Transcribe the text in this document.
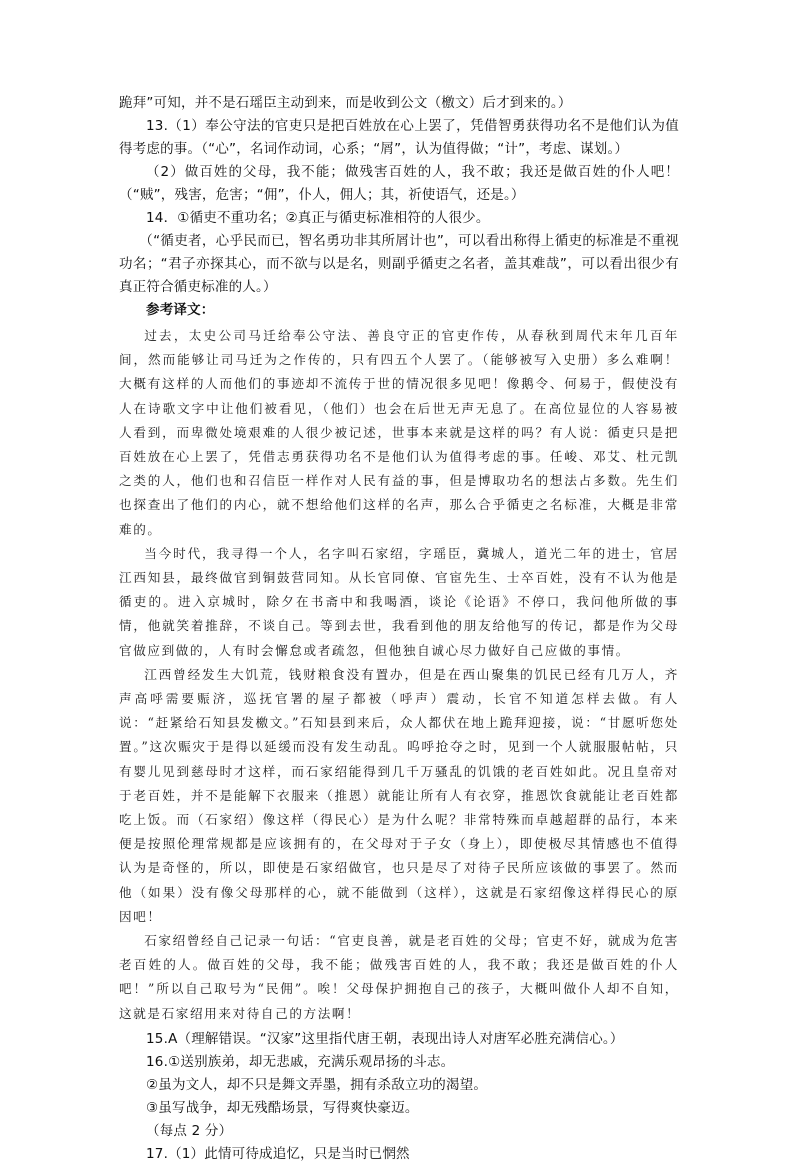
跪拜”可知，并不是石瑶臣主动到来，而是收到公文（檄文）后才到来的。）

13.（1）奉公守法的官吏只是把百姓放在心上罢了，凭借智勇获得功名不是他们认为值得考虑的事。（“心”，名词作动词，心系；“屑”，认为值得做；“计”，考虑、谋划。）

（2）做百姓的父母，我不能；做残害百姓的人，我不敢；我还是做百姓的仆人吧！（“贼”，残害，危害；“佣”，仆人，佣人；其，祈使语气，还是。）

14．①循吏不重功名；②真正与循吏标准相符的人很少。

（“循吏者，心乎民而已，智名勇功非其所屑计也”，可以看出称得上循吏的标准是不重视功名；“君子亦探其心，而不欲与以是名，则副乎循吏之名者，盖其难哉”，可以看出很少有真正符合循吏标准的人。）

参考译文：

过去，太史公司马迁给奉公守法、善良守正的官吏作传，从春秋到周代末年几百年间，然而能够让司马迁为之作传的，只有四五个人罢了。（能够被写入史册）多么难啊！大概有这样的人而他们的事迹却不流传于世的情况很多见吧！像鹅令、何易于，假使没有人在诗歌文字中让他们被看见，（他们）也会在后世无声无息了。在高位显位的人容易被人看到，而卑微处境艰难的人很少被记述，世事本来就是这样的吗？有人说：循吏只是把百姓放在心上罢了，凭借志勇获得功名不是他们认为值得考虑的事。任峻、邓艾、杜元凯之类的人，他们也和召信臣一样作对人民有益的事，但是博取功名的想法占多数。先生们也探查出了他们的内心，就不想给他们这样的名声，那么合乎循吏之名标准，大概是非常难的。

当今时代，我寻得一个人，名字叫石家绍，字瑶臣，冀城人，道光二年的进士，官居江西知县，最终做官到铜鼓营同知。从长官同僚、官宦先生、士卒百姓，没有不认为他是循吏的。进入京城时，除夕在书斋中和我喝酒，谈论《论语》不停口，我问他所做的事情，他就笑着推辞，不谈自己。等到去世，我看到他的朋友给他写的传记，都是作为父母官做应到做的，人有时会懈怠或者疏忽，但他独自诚心尽力做好自己应做的事情。

江西曾经发生大饥荒，钱财粮食没有置办，但是在西山聚集的饥民已经有几万人，齐声高呼需要赈济，巡抚官署的屋子都被（呼声）震动，长官不知道怎样去做。有人说：“赶紧给石知县发檄文。”石知县到来后，众人都伏在地上跪拜迎接，说：“甘愿听您处置。”这次赈灾于是得以延缓而没有发生动乱。呜呼抢夺之时，见到一个人就服服帖帖，只有婴儿见到慈母时才这样，而石家绍能得到几千万骚乱的饥饿的老百姓如此。况且皇帝对于老百姓，并不是能解下衣服来（推恩）就能让所有人有衣穿，推恩饮食就能让老百姓都吃上饭。而（石家绍）像这样（得民心）是为什么呢？非常特殊而卓越超群的品行，本来便是按照伦理常规都是应该拥有的，在父母对于子女（身上），即使极尽其情感也不值得认为是奇怪的，所以，即使是石家绍做官，也只是尽了对待子民所应该做的事罢了。然而他（如果）没有像父母那样的心，就不能做到（这样），这就是石家绍像这样得民心的原因吧！

石家绍曾经自己记录一句话：“官吏良善，就是老百姓的父母；官吏不好，就成为危害老百姓的人。做百姓的父母，我不能；做残害百姓的人，我不敢；我还是做百姓的仆人吧！”所以自己取号为“民佣”。唉！父母保护拥抱自己的孩子，大概叫做仆人却不自知，这就是石家绍用来对待自己的方法啊！

15.A（理解错误。“汉家”这里指代唐王朝，表现出诗人对唐军必胜充满信心。）

16.①送别族弟，却无悲戚，充满乐观昂扬的斗志。

②虽为文人，却不只是舞文弄墨，拥有杀敌立功的渴望。

③虽写战争，却无残酷场景，写得爽快豪迈。

（每点 2 分）

17.（1）此情可待成追忆，只是当时已惘然
